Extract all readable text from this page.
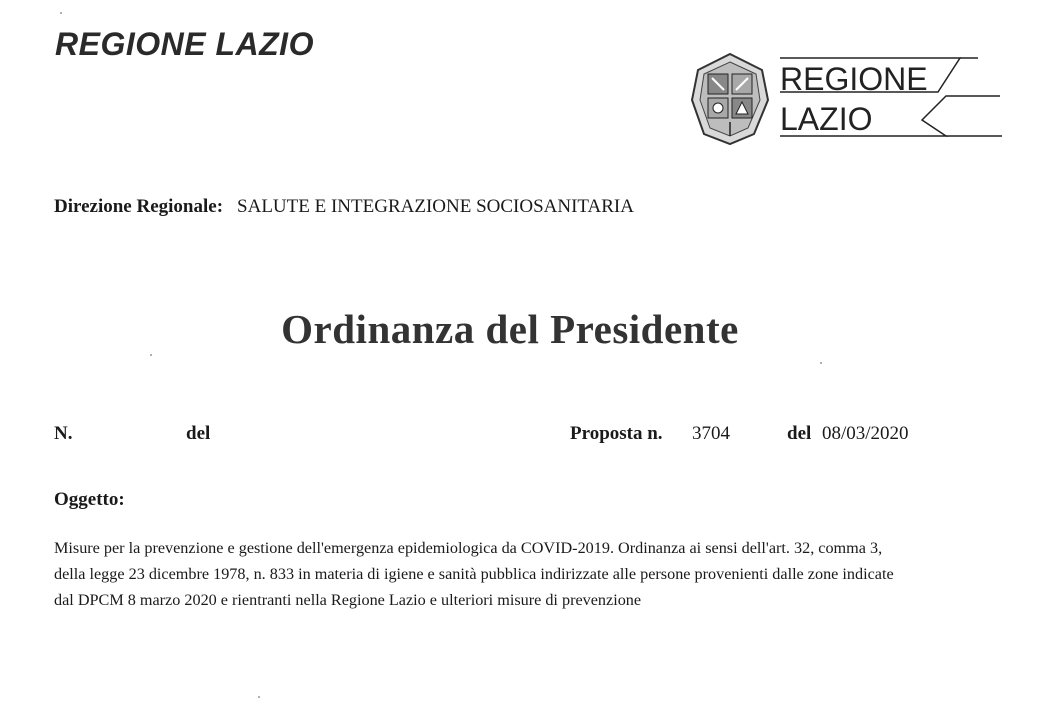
REGIONE LAZIO
REGIONE
LAZIO
Direzione Regionale: SALUTE E INTEGRAZIONE SOCIOSANITARIA
Ordinanza del Presidente
N.	del	Proposta n. 3704	del 08/03/2020
Oggetto:
Misure per la prevenzione e gestione dell'emergenza epidemiologica da COVID-2019. Ordinanza ai sensi dell'art. 32, comma 3,
della legge 23 dicembre 1978, n. 833 in materia di igiene e sanità pubblica indirizzate alle persone provenienti dalle zone indicate
dal DPCM 8 marzo 2020 e rientranti nella Regione Lazio e ulteriori misure di prevenzione
